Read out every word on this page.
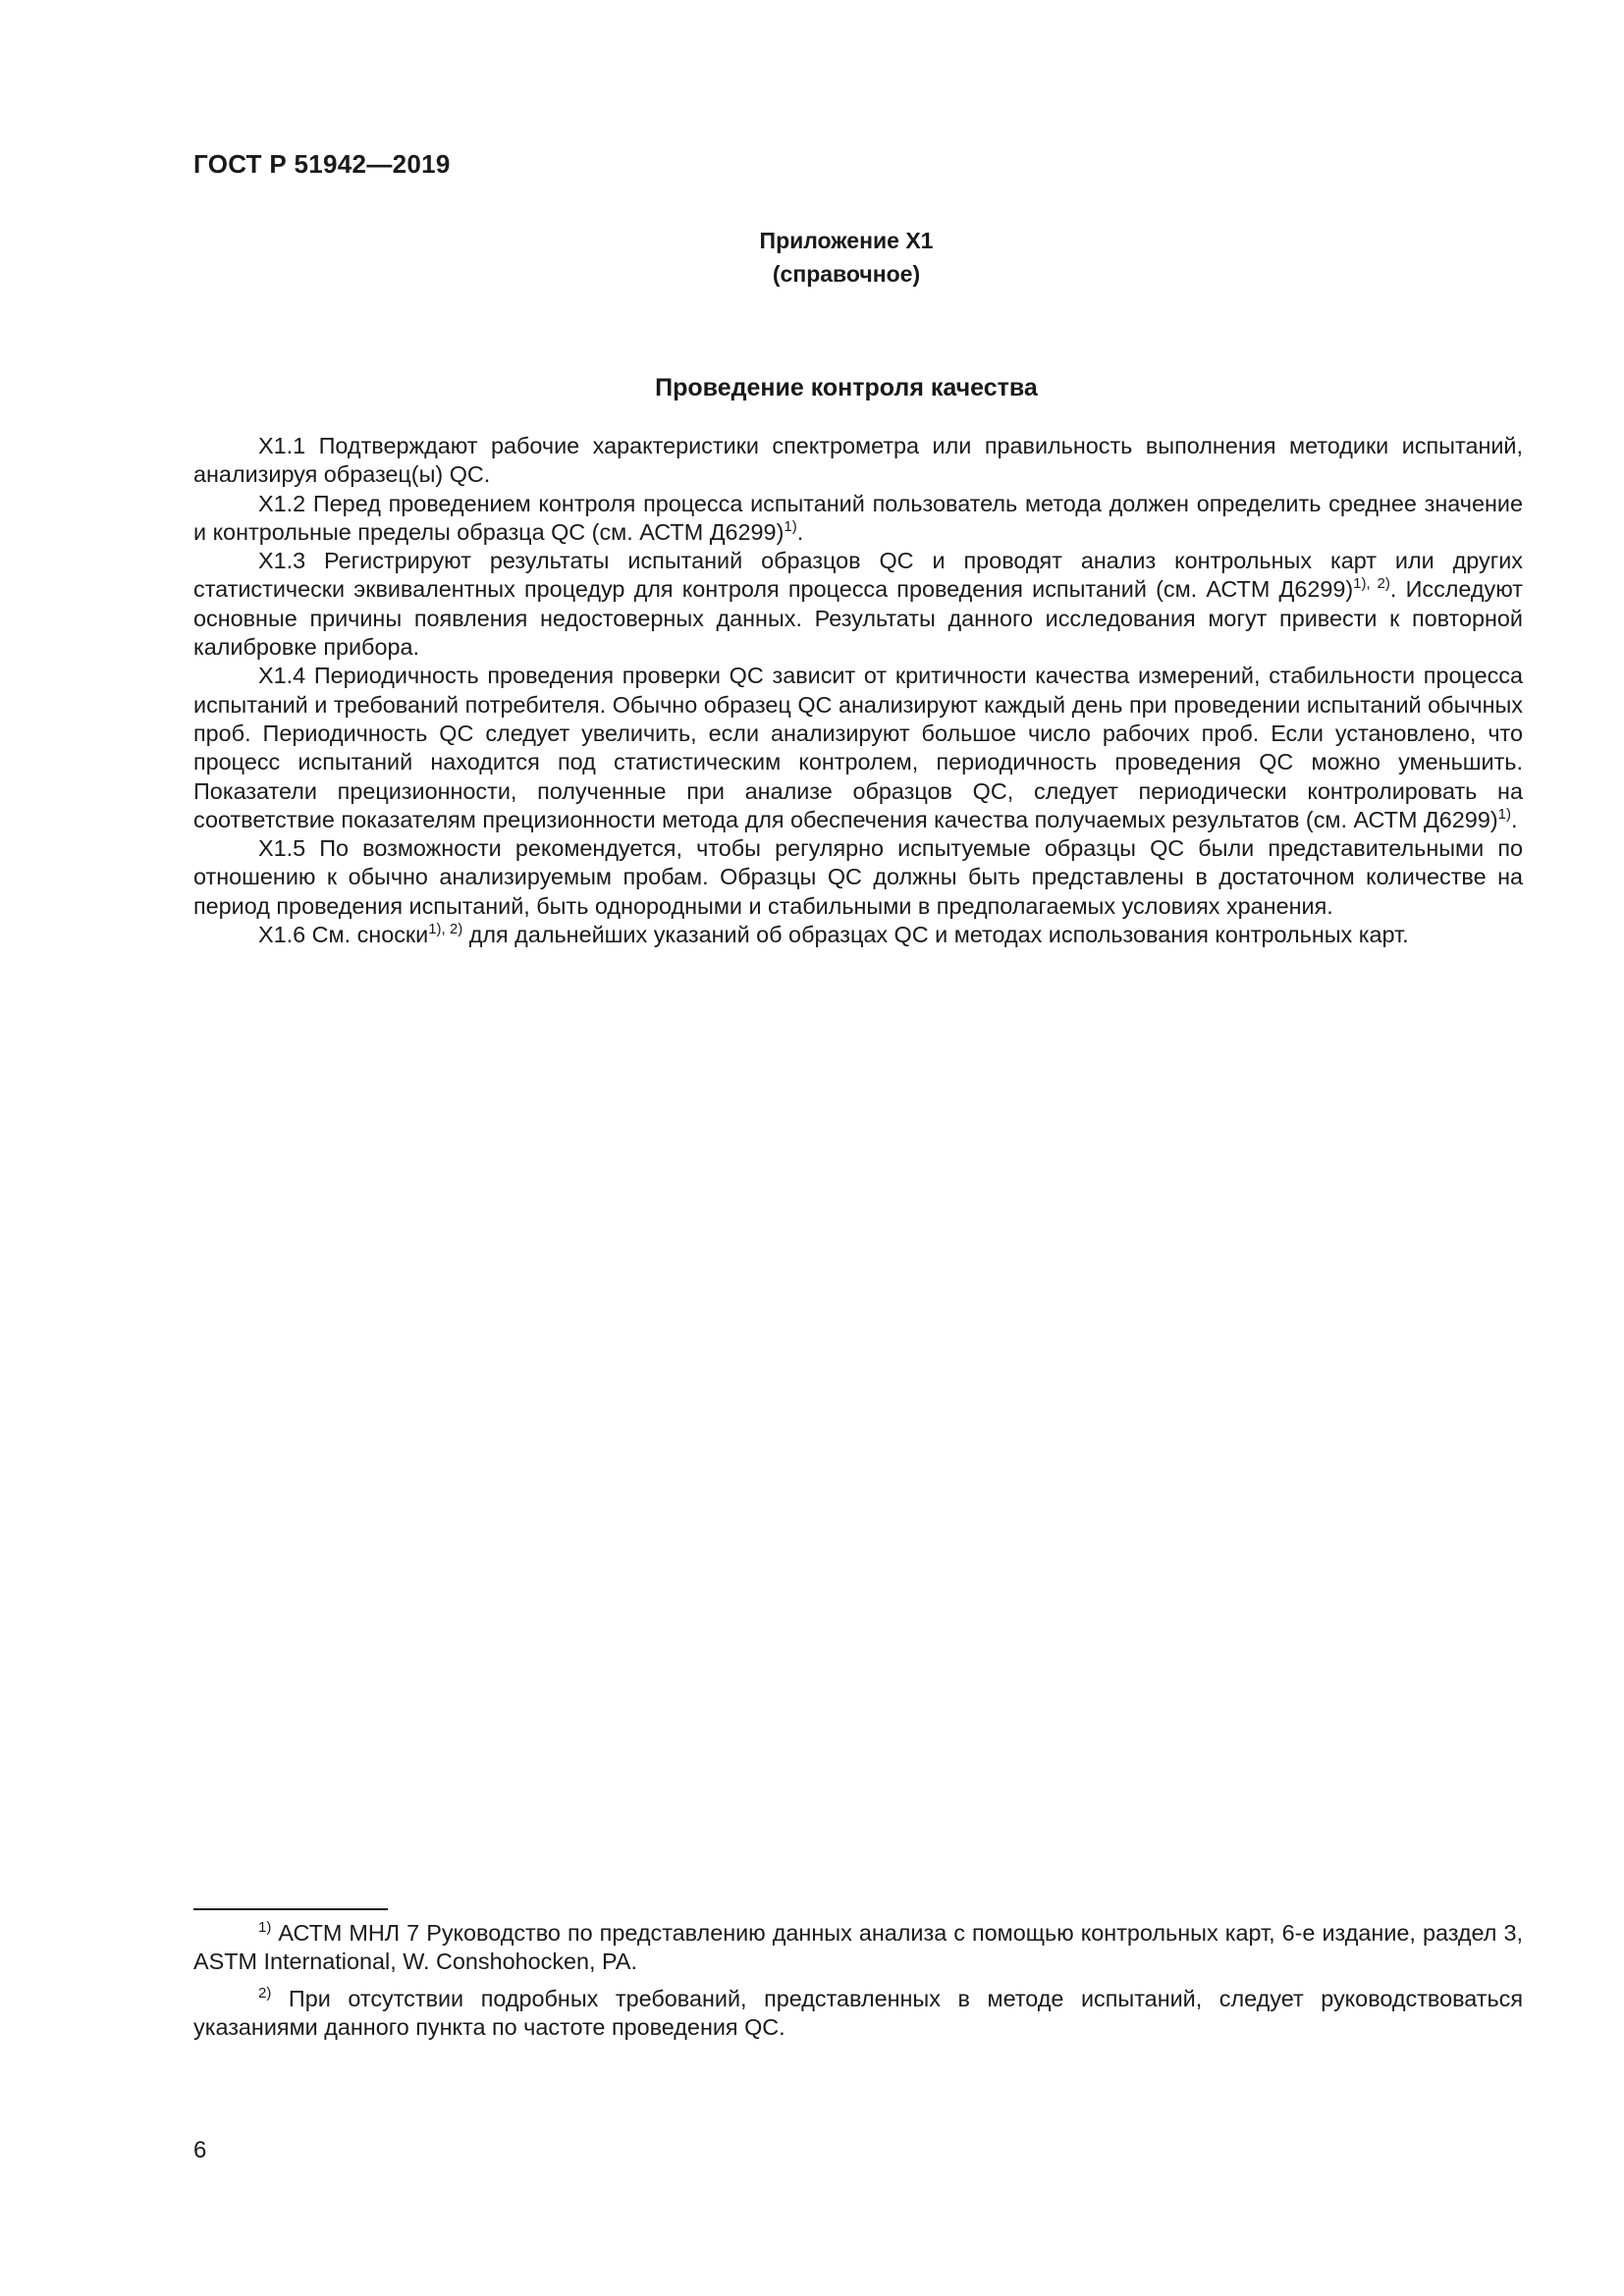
ГОСТ Р 51942—2019
Приложение Х1
(справочное)
Проведение контроля качества

Х1.1 Подтверждают рабочие характеристики спектрометра или правильность выполнения методики испытаний, анализируя образец(ы) QC.

Х1.2 Перед проведением контроля процесса испытаний пользователь метода должен определить среднее значение и контрольные пределы образца QC (см. АСТМ Д6299)$^{1)}$.

Х1.3 Регистрируют результаты испытаний образцов QC и проводят анализ контрольных карт или других статистически эквивалентных процедур для контроля процесса проведения испытаний (см. АСТМ Д6299)$^{1), 2)}$. Исследуют основные причины появления недостоверных данных. Результаты данного исследования могут привести к повторной калибровке прибора.

Х1.4 Периодичность проведения проверки QC зависит от критичности качества измерений, стабильности процесса испытаний и требований потребителя. Обычно образец QC анализируют каждый день при проведении испытаний обычных проб. Периодичность QC следует увеличить, если анализируют большое число рабочих проб. Если установлено, что процесс испытаний находится под статистическим контролем, периодичность проведения QC можно уменьшить. Показатели прецизионности, полученные при анализе образцов QC, следует периодически контролировать на соответствие показателям прецизионности метода для обеспечения качества получаемых результатов (см. АСТМ Д6299)$^{1)}$.

Х1.5 По возможности рекомендуется, чтобы регулярно испытуемые образцы QC были представительными по отношению к обычно анализируемым пробам. Образцы QC должны быть представлены в достаточном количестве на период проведения испытаний, быть однородными и стабильными в предполагаемых условиях хранения.

Х1.6 См. сноски$^{1), 2)}$ для дальнейших указаний об образцах QC и методах использования контрольных карт.

$^{1)}$ АСТМ МНЛ 7 Руководство по представлению данных анализа с помощью контрольных карт, 6-е издание, раздел 3, ASTM International, W. Conshohocken, PA.

$^{2)}$ При отсутствии подробных требований, представленных в методе испытаний, следует руководствоваться указаниями данного пункта по частоте проведения QC.

6
